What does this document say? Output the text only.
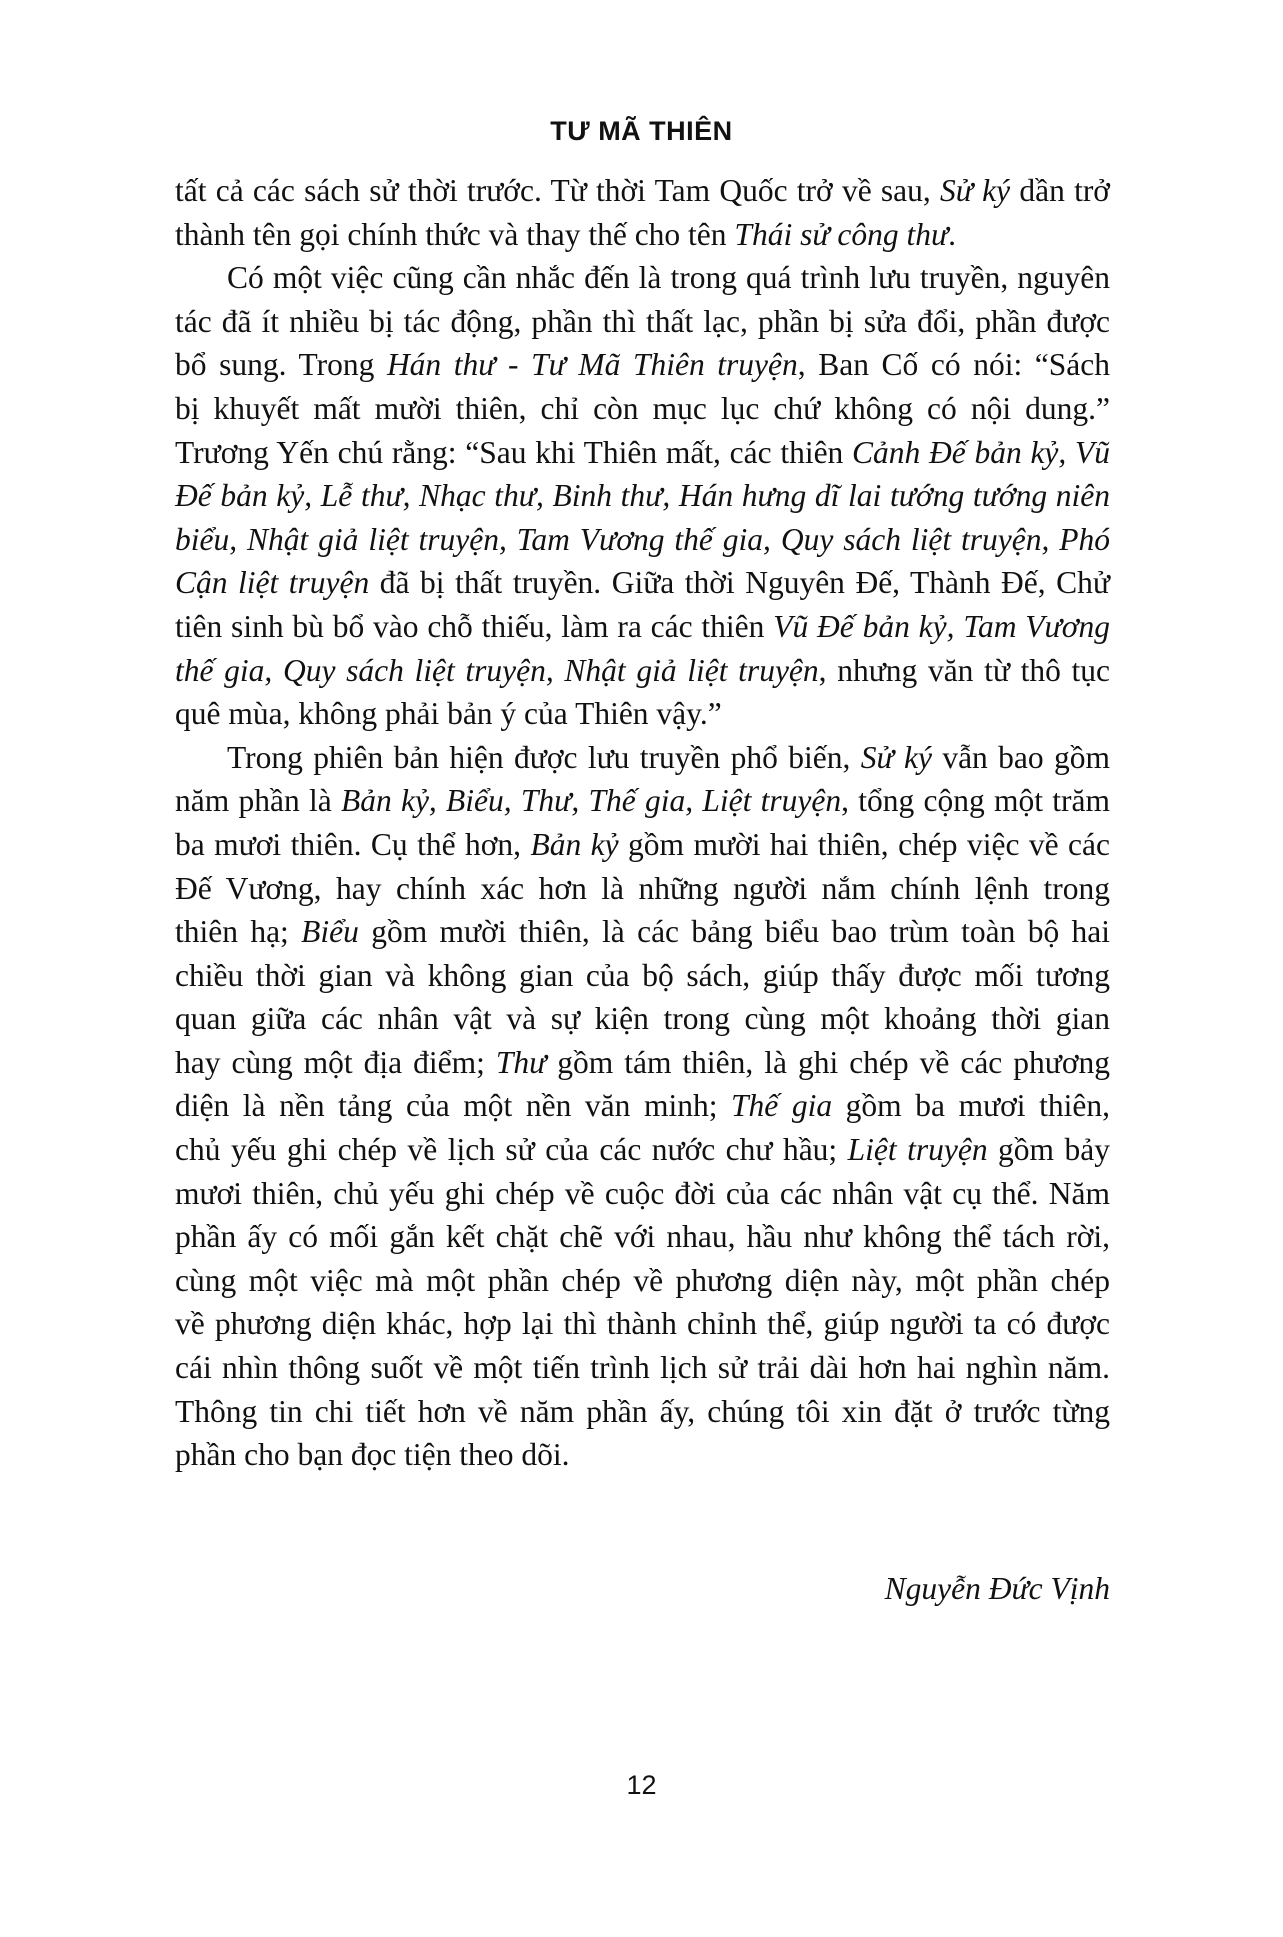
TƯ MÃ THIÊN

tất cả các sách sử thời trước. Từ thời Tam Quốc trở về sau, Sử ký dần trở
thành tên gọi chính thức và thay thế cho tên Thái sử công thư.

Có một việc cũng cần nhắc đến là trong quá trình lưu truyền, nguyên
tác đã ít nhiều bị tác động, phần thì thất lạc, phần bị sửa đổi, phần được
bổ sung. Trong Hán thư - Tư Mã Thiên truyện, Ban Cố có nói: “Sách
bị khuyết mất mười thiên, chỉ còn mục lục chứ không có nội dung.”
Trương Yến chú rằng: “Sau khi Thiên mất, các thiên Cảnh Đế bản kỷ, Vũ
Đế bản kỷ, Lễ thư, Nhạc thư, Binh thư, Hán hưng dĩ lai tướng tướng niên
biểu, Nhật giả liệt truyện, Tam Vương thế gia, Quy sách liệt truyện, Phó
Cận liệt truyện đã bị thất truyền. Giữa thời Nguyên Đế, Thành Đế, Chử
tiên sinh bù bổ vào chỗ thiếu, làm ra các thiên Vũ Đế bản kỷ, Tam Vương
thế gia, Quy sách liệt truyện, Nhật giả liệt truyện, nhưng văn từ thô tục
quê mùa, không phải bản ý của Thiên vậy.”

Trong phiên bản hiện được lưu truyền phổ biến, Sử ký vẫn bao gồm
năm phần là Bản kỷ, Biểu, Thư, Thế gia, Liệt truyện, tổng cộng một trăm
ba mươi thiên. Cụ thể hơn, Bản kỷ gồm mười hai thiên, chép việc về các
Đế Vương, hay chính xác hơn là những người nắm chính lệnh trong
thiên hạ; Biểu gồm mười thiên, là các bảng biểu bao trùm toàn bộ hai
chiều thời gian và không gian của bộ sách, giúp thấy được mối tương
quan giữa các nhân vật và sự kiện trong cùng một khoảng thời gian
hay cùng một địa điểm; Thư gồm tám thiên, là ghi chép về các phương
diện là nền tảng của một nền văn minh; Thế gia gồm ba mươi thiên,
chủ yếu ghi chép về lịch sử của các nước chư hầu; Liệt truyện gồm bảy
mươi thiên, chủ yếu ghi chép về cuộc đời của các nhân vật cụ thể. Năm
phần ấy có mối gắn kết chặt chẽ với nhau, hầu như không thể tách rời,
cùng một việc mà một phần chép về phương diện này, một phần chép
về phương diện khác, hợp lại thì thành chỉnh thể, giúp người ta có được
cái nhìn thông suốt về một tiến trình lịch sử trải dài hơn hai nghìn năm.
Thông tin chi tiết hơn về năm phần ấy, chúng tôi xin đặt ở trước từng
phần cho bạn đọc tiện theo dõi.

Nguyễn Đức Vịnh
12
